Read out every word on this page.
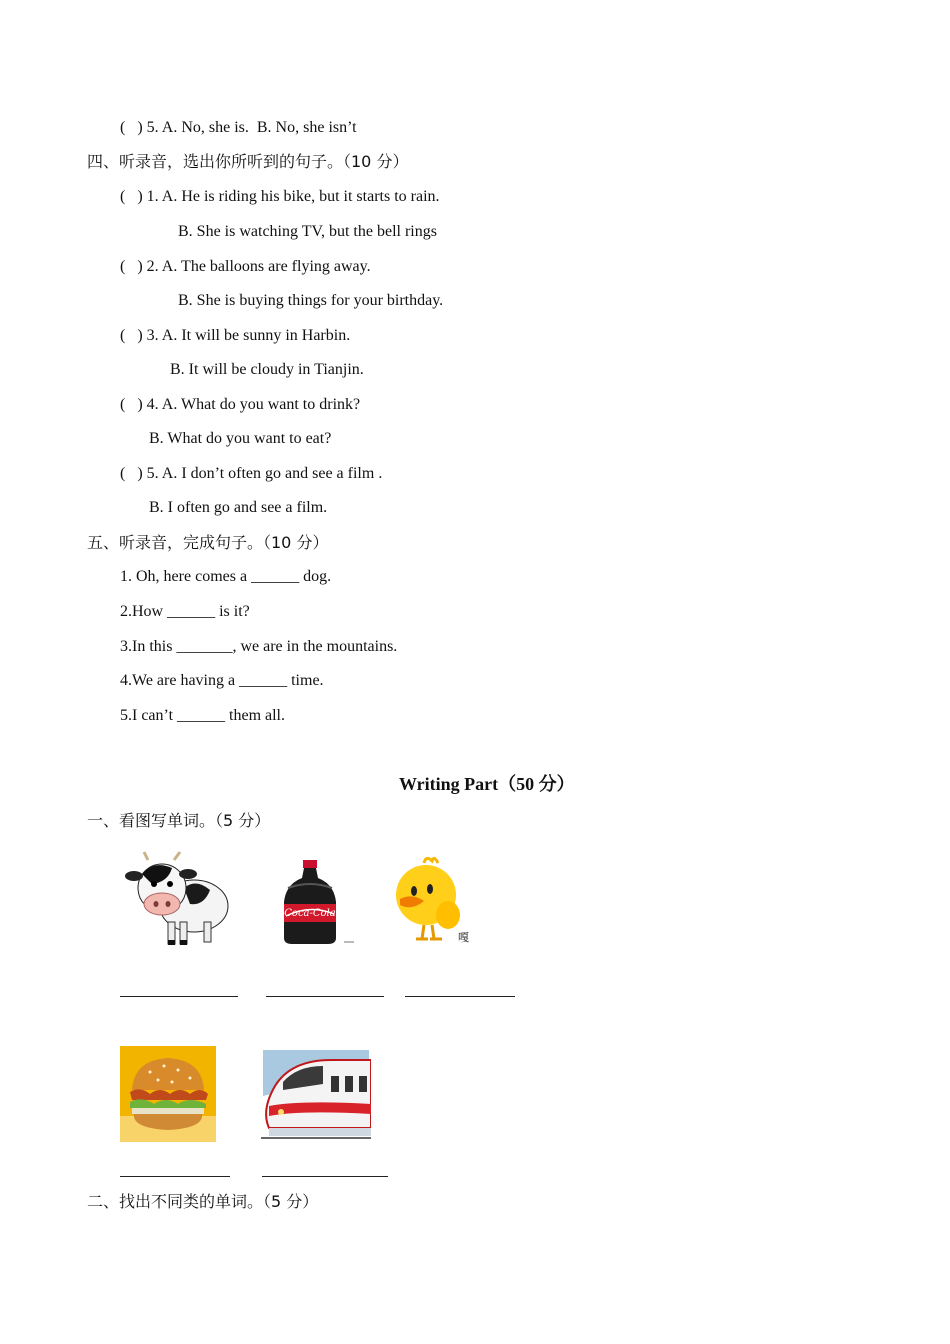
(   ) 5. A. No, she is.  B. No, she isn’t
四、听录音，选出你所听到的句子。（10 分）
(   ) 1. A. He is riding his bike, but it starts to rain.
B. She is watching TV, but the bell rings
(   ) 2. A. The balloons are flying away.
B. She is buying things for your birthday.
(   ) 3. A. It will be sunny in Harbin.
B. It will be cloudy in Tianjin.
(   ) 4. A. What do you want to drink?
B. What do you want to eat?
(   ) 5. A. I don’t often go and see a film .
B. I often go and see a film.
五、听录音，完成句子。（10 分）
1. Oh, here comes a ______ dog.
2.How ______ is it?
3.In this _______, we are in the mountains.
4.We are having a ______ time.
5.I can’t ______ them all.
Writing Part（50 分）
一、看图写单词。（5 分）
Coca-Cola
嘎
二、找出不同类的单词。（5 分）
